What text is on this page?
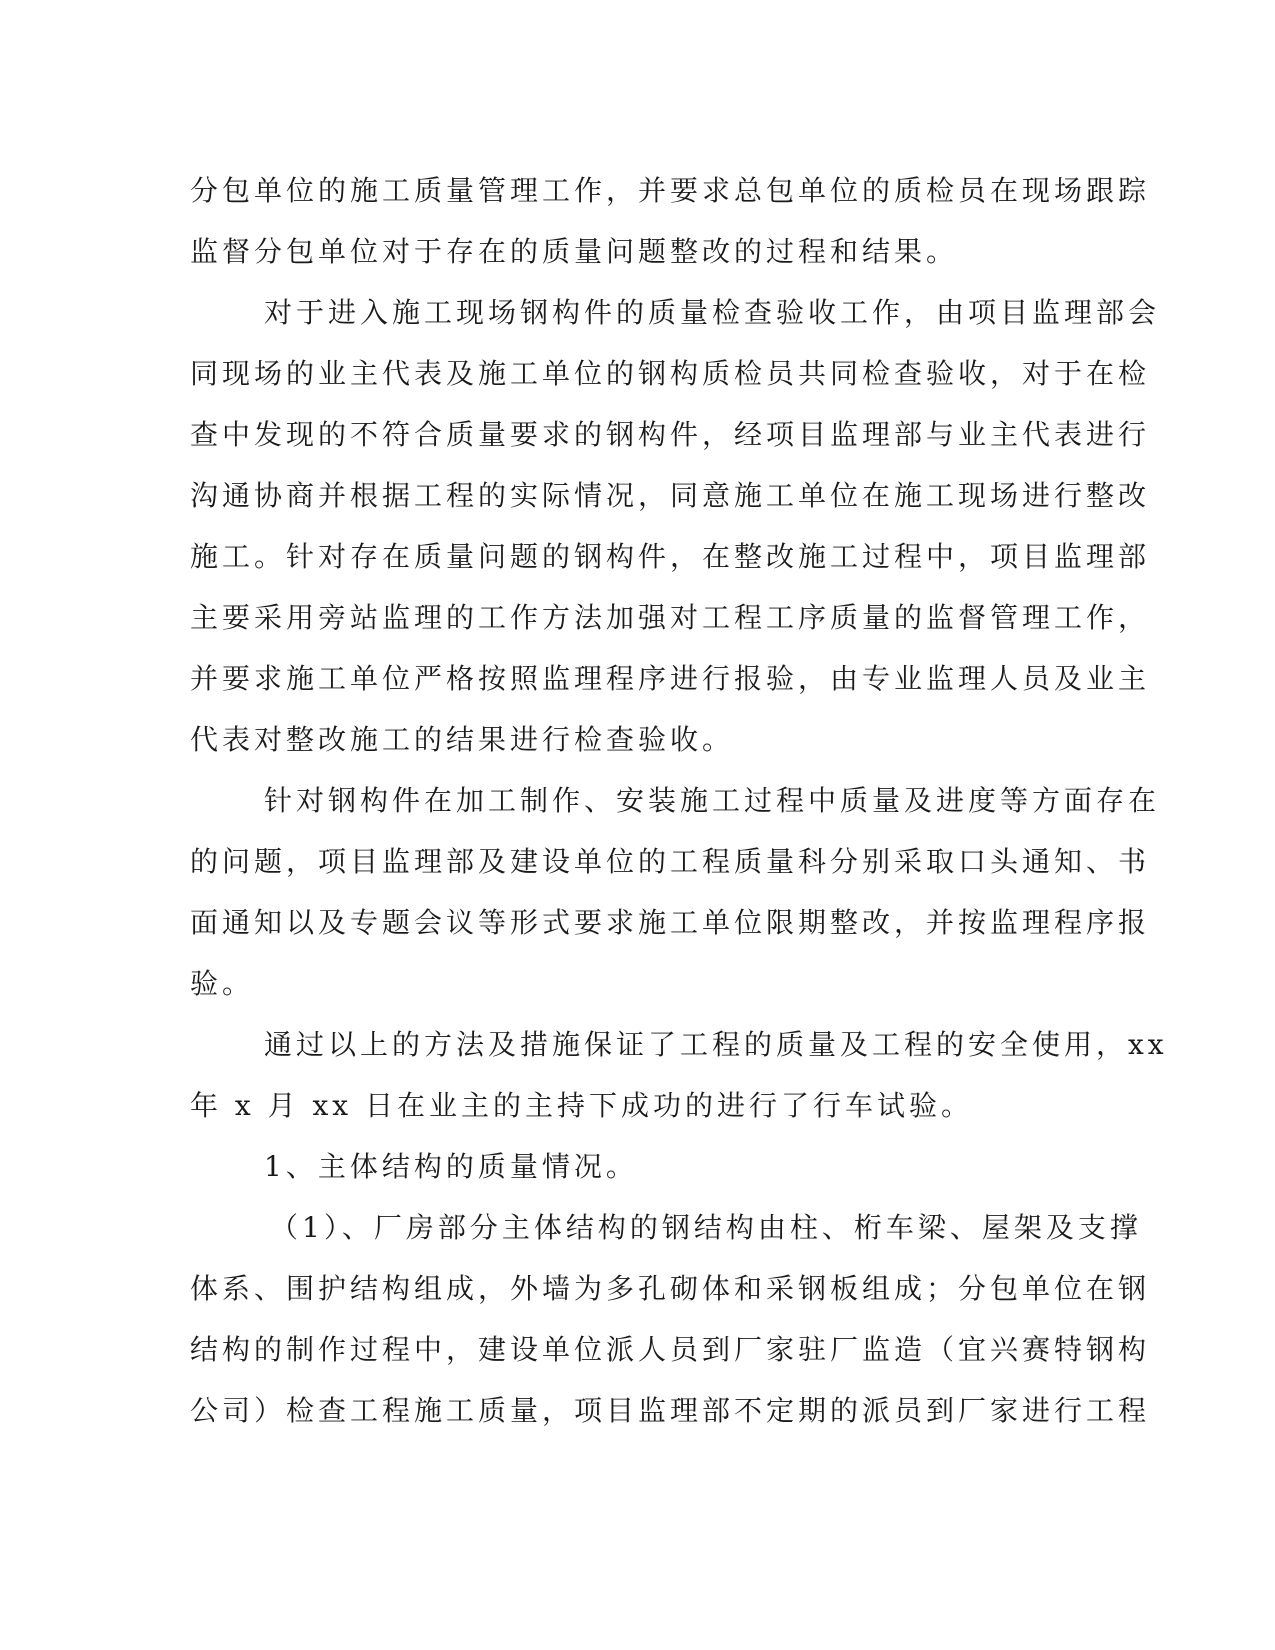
分包单位的施工质量管理工作，并要求总包单位的质检员在现场跟踪
监督分包单位对于存在的质量问题整改的过程和结果。
对于进入施工现场钢构件的质量检查验收工作，由项目监理部会
同现场的业主代表及施工单位的钢构质检员共同检查验收，对于在检
查中发现的不符合质量要求的钢构件，经项目监理部与业主代表进行
沟通协商并根据工程的实际情况，同意施工单位在施工现场进行整改
施工。针对存在质量问题的钢构件，在整改施工过程中，项目监理部
主要采用旁站监理的工作方法加强对工程工序质量的监督管理工作，
并要求施工单位严格按照监理程序进行报验，由专业监理人员及业主
代表对整改施工的结果进行检查验收。
针对钢构件在加工制作、安装施工过程中质量及进度等方面存在
的问题，项目监理部及建设单位的工程质量科分别采取口头通知、书
面通知以及专题会议等形式要求施工单位限期整改，并按监理程序报
验。
通过以上的方法及措施保证了工程的质量及工程的安全使用，xx
年 x 月 xx 日在业主的主持下成功的进行了行车试验。
1、主体结构的质量情况。
（1）、厂房部分主体结构的钢结构由柱、桁车梁、屋架及支撑
体系、围护结构组成，外墙为多孔砌体和采钢板组成；分包单位在钢
结构的制作过程中，建设单位派人员到厂家驻厂监造（宜兴赛特钢构
公司）检查工程施工质量，项目监理部不定期的派员到厂家进行工程
